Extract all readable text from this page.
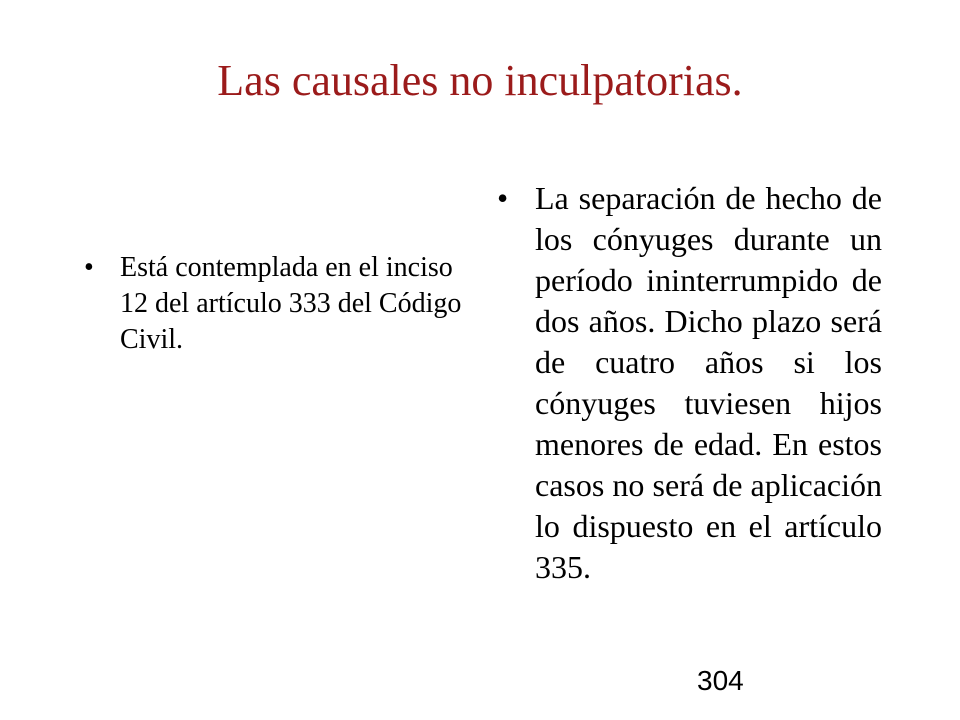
Las causales no inculpatorias.
• Está contemplada en el inciso 12 del artículo 333 del Código Civil.
• La separación de hecho de los cónyuges durante un período ininterrumpido de dos años. Dicho plazo será de cuatro años si los cónyuges tuviesen hijos menores de edad. En estos casos no será de aplicación lo dispuesto en el artículo 335.

304
